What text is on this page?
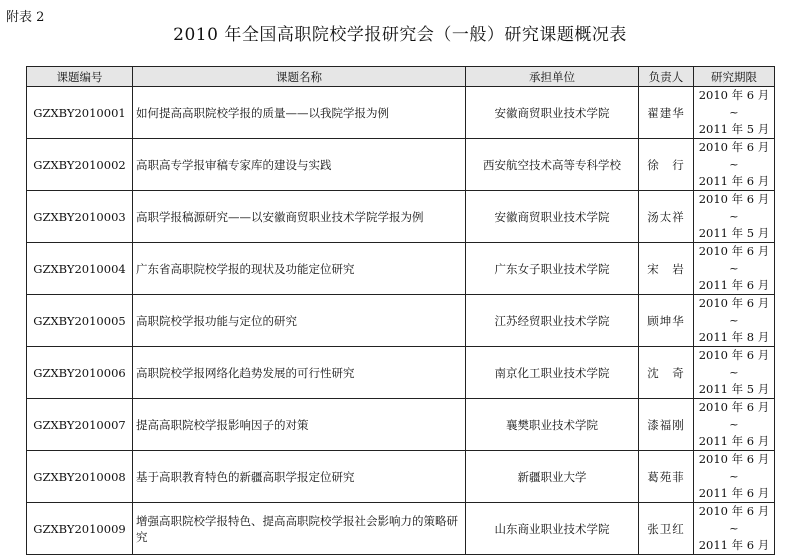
附表 2
2010 年全国高职院校学报研究会（一般）研究课题概况表
课题编号	课题名称	承担单位	负责人	研究期限
GZXBY2010001	如何提高高职院校学报的质量——以我院学报为例	安徽商贸职业技术学院	翟建华	2010 年 6 月~
2011 年 5 月

GZXBY2010002	高职高专学报审稿专家库的建设与实践	西安航空技术高等专科学校	徐　行	2010 年 6 月~
2011 年 6 月

GZXBY2010003	高职学报稿源研究——以安徽商贸职业技术学院学报为例	安徽商贸职业技术学院	汤太祥	2010 年 6 月~
2011 年 5 月

GZXBY2010004	广东省高职院校学报的现状及功能定位研究	广东女子职业技术学院	宋　岩	2010 年 6 月~
2011 年 6 月

GZXBY2010005	高职院校学报功能与定位的研究	江苏经贸职业技术学院	顾坤华	2010 年 6 月~
2011 年 8 月

GZXBY2010006	高职院校学报网络化趋势发展的可行性研究	南京化工职业技术学院	沈　奇	2010 年 6 月~
2011 年 5 月

GZXBY2010007	提高高职院校学报影响因子的对策	襄樊职业技术学院	漆福刚	2010 年 6 月~
2011 年 6 月

GZXBY2010008	基于高职教育特色的新疆高职学报定位研究	新疆职业大学	葛苑菲	2010 年 6 月~
2011 年 6 月

GZXBY2010009	增强高职院校学报特色、提高高职院校学报社会影响力的策略研究	山东商业职业技术学院	张卫红	2010 年 6 月~
2011 年 6 月
